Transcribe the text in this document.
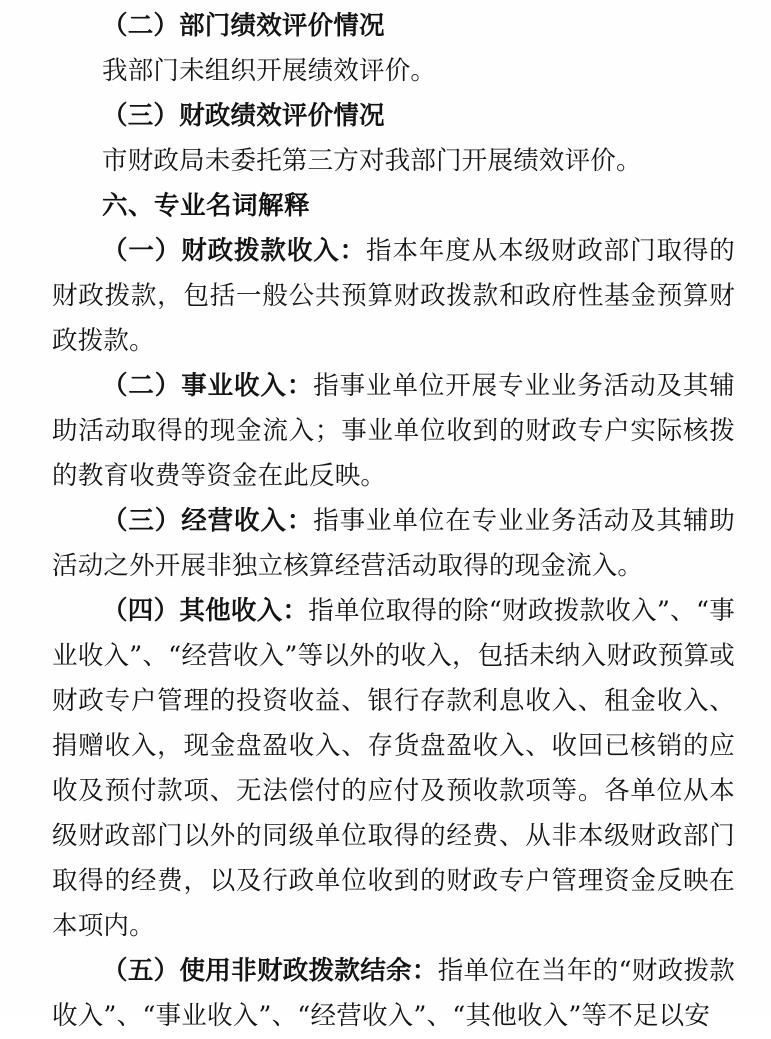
（二）部门绩效评价情况

我部门未组织开展绩效评价。

（三）财政绩效评价情况

市财政局未委托第三方对我部门开展绩效评价。

六、专业名词解释

（一）财政拨款收入：指本年度从本级财政部门取得的财政拨款，包括一般公共预算财政拨款和政府性基金预算财政拨款。

（二）事业收入：指事业单位开展专业业务活动及其辅助活动取得的现金流入；事业单位收到的财政专户实际核拨的教育收费等资金在此反映。

（三）经营收入：指事业单位在专业业务活动及其辅助活动之外开展非独立核算经营活动取得的现金流入。

（四）其他收入：指单位取得的除“财政拨款收入”、“事业收入”、“经营收入”等以外的收入，包括未纳入财政预算或财政专户管理的投资收益、银行存款利息收入、租金收入、捐赠收入，现金盘盈收入、存货盘盈收入、收回已核销的应收及预付款项、无法偿付的应付及预收款项等。各单位从本级财政部门以外的同级单位取得的经费、从非本级财政部门取得的经费，以及行政单位收到的财政专户管理资金反映在本项内。

（五）使用非财政拨款结余：指单位在当年的“财政拨款收入”、“事业收入”、“经营收入”、“其他收入”等不足以安
